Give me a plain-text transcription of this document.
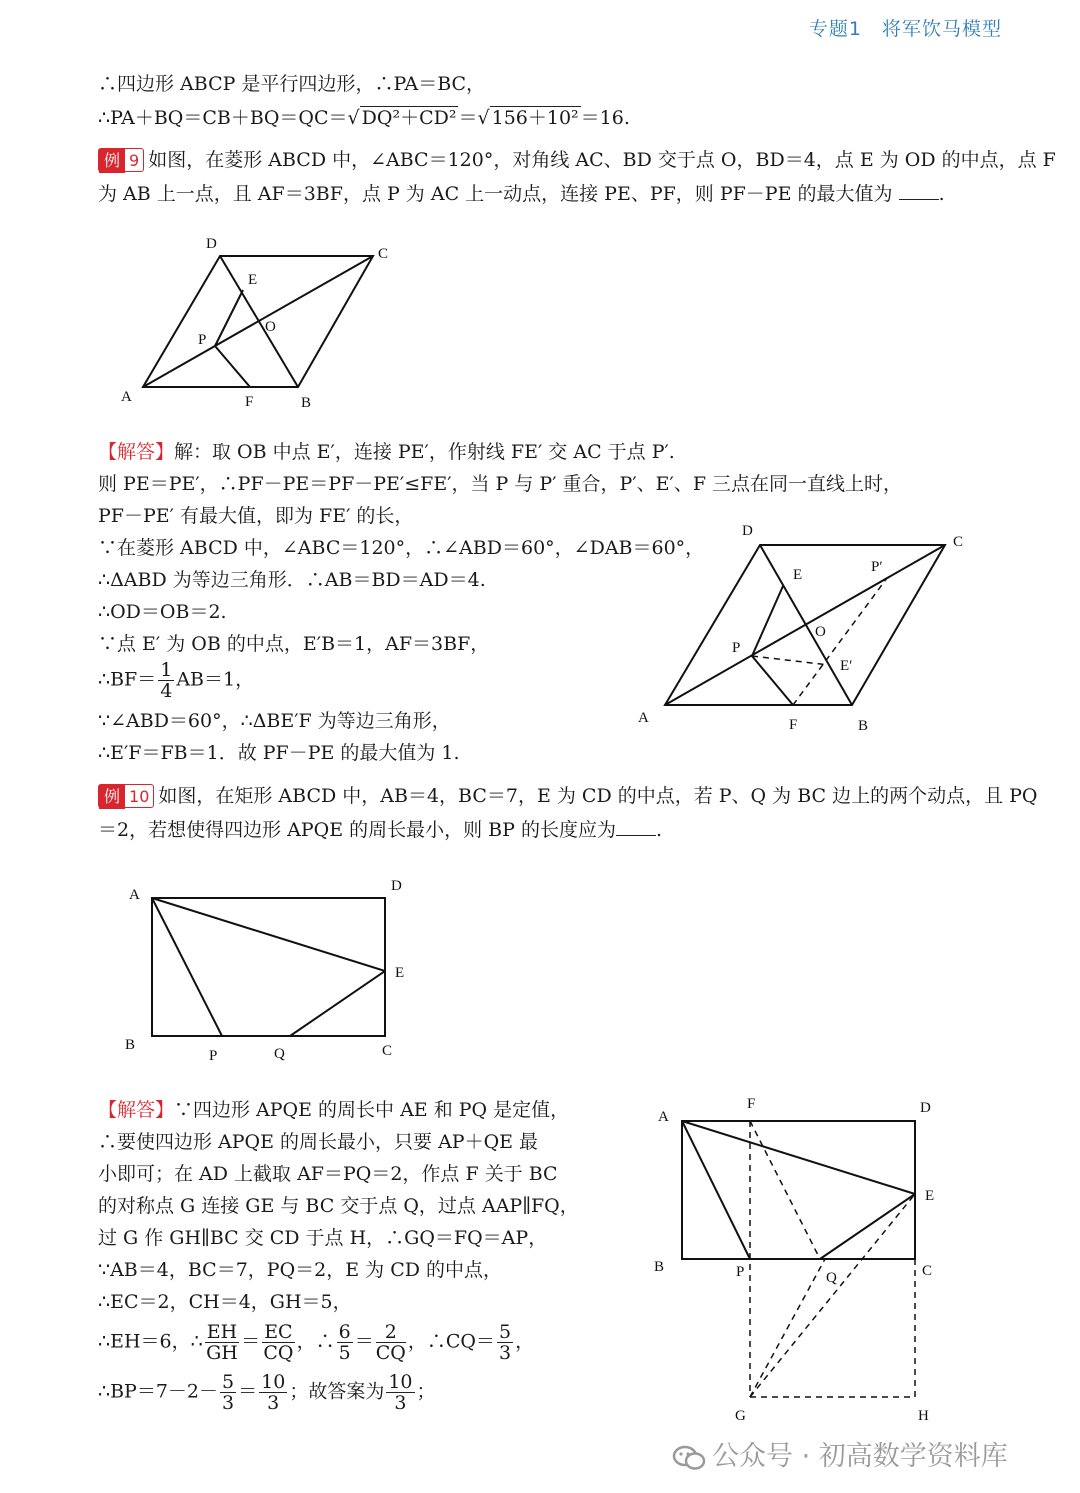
专题1　将军饮马模型
∴四边形 ABCP 是平行四边形，∴PA＝BC，
∴PA＋BQ＝CB＋BQ＝QC＝√ DQ²＋CD² ＝√ 156＋10² ＝16.
例 9 如图，在菱形 ABCD 中，∠ABC＝120°，对角线 AC、BD 交于点 O，BD＝4，点 E 为 OD 的中点，点 F
为 AB 上一点，且 AF＝3BF，点 P 为 AC 上一动点，连接 PE、PF，则 PF－PE 的最大值为 .
D
C
E
O
P
A	F	B
【解答】解：取 OB 中点 E′，连接 PE′，作射线 FE′ 交 AC 于点 P′.
则 PE＝PE′，∴PF－PE＝PF－PE′≤FE′，当 P 与 P′ 重合，P′、E′、F 三点在同一直线上时，
PF－PE′ 有最大值，即为 FE′ 的长，
∵在菱形 ABCD 中，∠ABC＝120°，∴∠ABD＝60°，∠DAB＝60°，
∴ΔABD 为等边三角形．∴AB＝BD＝AD＝4.
∴OD＝OB＝2.
∵点 E′ 为 OB 的中点，E′B＝1，AF＝3BF，
∴BF＝ $\frac{1}{4} AB=1$，
∵∠ABD＝60°，∴ΔBE′F 为等边三角形，
∴E′F＝FB＝1．故 PF－PE 的最大值为 1.
D
C
E	P′
O
P
E′
A	F	B
例 10 如图，在矩形 ABCD 中，AB＝4，BC＝7，E 为 CD 的中点，若 P、Q 为 BC 边上的两个动点，且 PQ
＝2，若想使得四边形 APQE 的周长最小，则 BP 的长度应为 .
A
D
E
B
P	Q	C
【解答】∵四边形 APQE 的周长中 AE 和 PQ 是定值，
∴要使四边形 APQE 的周长最小，只要 AP＋QE 最
小即可；在 AD 上截取 AF＝PQ＝2，作点 F 关于 BC
的对称点 G 连接 GE 与 BC 交于点 Q，过点 AAP∥FQ，
过 G 作 GH∥BC 交 CD 于点 H，∴GQ＝FQ＝AP，
∵AB＝4，BC＝7，PQ＝2，E 为 CD 的中点，
∴EC＝2，CH＝4，GH＝5，
∴EH＝6，∴ $\frac{EH}{GH} = \frac{EC}{CQ}$ ，∴ $\frac{6}{5} = \frac{2}{CQ}$ ，∴CQ＝ $\frac{5}{3}$ ，
∴BP＝7－2－ $\frac{5}{3} = \frac{10}{3}$ ；故答案为 $\frac{10}{3}$ ；
A
F	D
E
B	P	Q	C
G	H
公众号 · 初高数学资料库
